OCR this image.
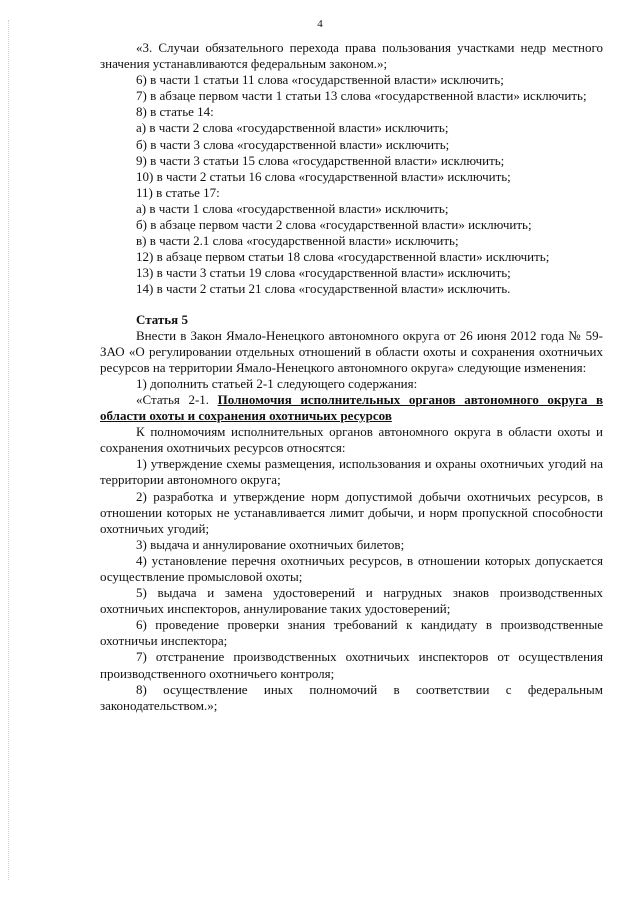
4

«3. Случаи обязательного перехода права пользования участками недр местного значения устанавливаются федеральным законом.»;

6) в части 1 статьи 11 слова «государственной власти» исключить;

7) в абзаце первом части 1 статьи 13 слова «государственной власти» исключить;

8) в статье 14:

а) в части 2 слова «государственной власти» исключить;

б) в части 3 слова «государственной власти» исключить;

9) в части 3 статьи 15 слова «государственной власти» исключить;

10) в части 2 статьи 16 слова «государственной власти» исключить;

11) в статье 17:

а) в части 1 слова «государственной власти» исключить;

б) в абзаце первом части 2 слова «государственной власти» исключить;

в) в части 2.1 слова «государственной власти» исключить;

12) в абзаце первом статьи 18 слова «государственной власти» исключить;

13) в части 3 статьи 19 слова «государственной власти» исключить;

14) в части 2 статьи 21 слова «государственной власти» исключить.

Статья 5

Внести в Закон Ямало-Ненецкого автономного округа от 26 июня 2012 года № 59-ЗАО «О регулировании отдельных отношений в области охоты и сохранения охотничьих ресурсов на территории Ямало-Ненецкого автономного округа» следующие изменения:

1) дополнить статьей 2-1 следующего содержания:

«Статья 2-1. Полномочия исполнительных органов автономного округа в области охоты и сохранения охотничьих ресурсов

К полномочиям исполнительных органов автономного округа в области охоты и сохранения охотничьих ресурсов относятся:

1) утверждение схемы размещения, использования и охраны охотничьих угодий на территории автономного округа;

2) разработка и утверждение норм допустимой добычи охотничьих ресурсов, в отношении которых не устанавливается лимит добычи, и норм пропускной способности охотничьих угодий;

3) выдача и аннулирование охотничьих билетов;

4) установление перечня охотничьих ресурсов, в отношении которых допускается осуществление промысловой охоты;

5) выдача и замена удостоверений и нагрудных знаков производственных охотничьих инспекторов, аннулирование таких удостоверений;

6) проведение проверки знания требований к кандидату в производственные охотничьи инспектора;

7) отстранение производственных охотничьих инспекторов от осуществления производственного охотничьего контроля;

8) осуществление иных полномочий в соответствии с федеральным законодательством.»;
